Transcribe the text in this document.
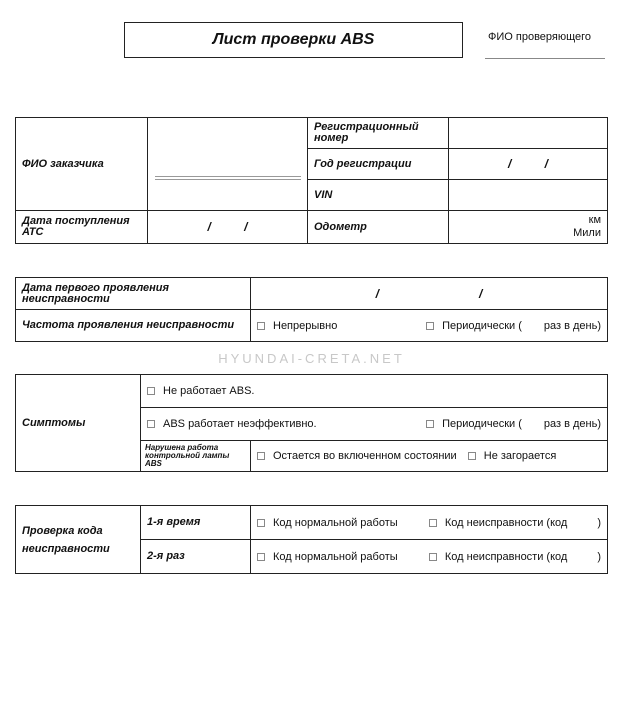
Лист проверки ABS	ФИО проверяющего
ФИО заказчика		Регистрационный номер	
		Год регистрации	/          /
		VIN	
Дата поступления АТС	/          /	Одометр	км
Мили
Дата первого проявления неисправности	/                              /
Частота проявления неисправности	Непрерывно Периодически ( раз в день)
HYUNDAI-CRETA.NET
Симптомы	Не работает ABS.	

	ABS работает неэффективно. Периодически ( раз в день)	

	Нарушена работа контрольной лампы ABS	Остается во включенном состоянии Не загорается
Проверка кода неисправности	1-я время	Код нормальной работы Код неисправности (код )

	2-я раз	Код нормальной работы Код неисправности (код )
